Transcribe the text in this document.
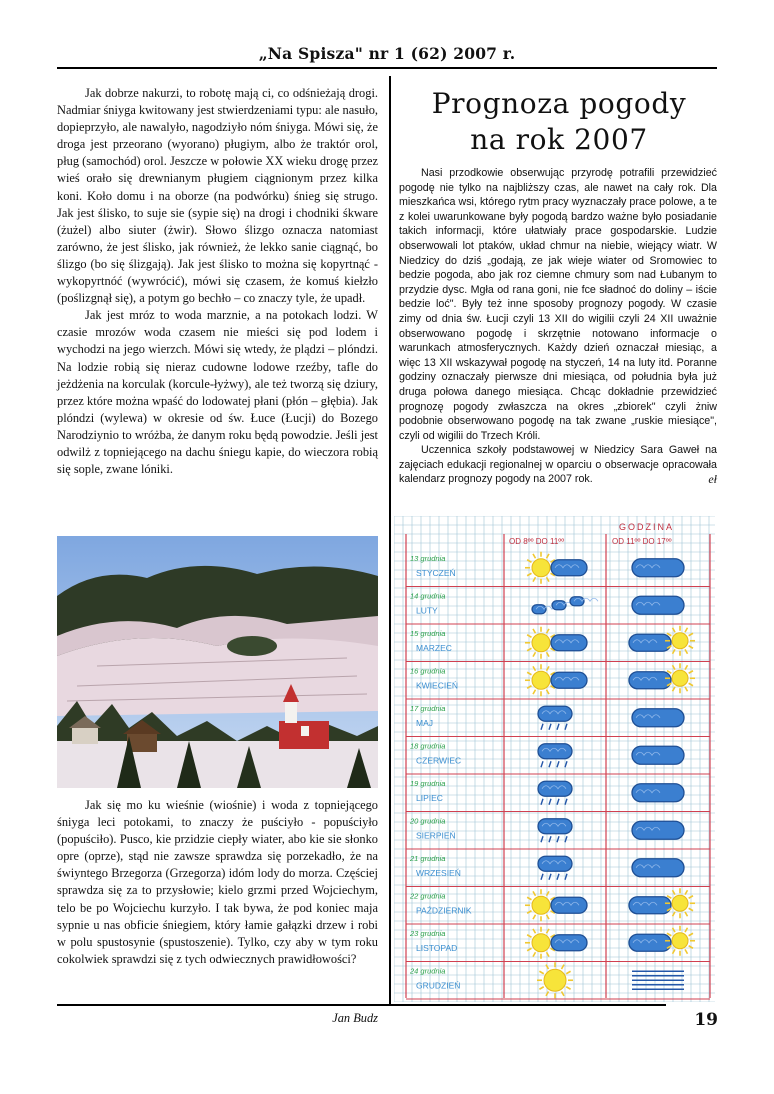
„Na Spisza" nr 1 (62) 2007 r.

Jak dobrze nakurzi, to robotę mają ci, co odśnieżają drogi. Nadmiar śniyga kwitowany jest stwierdzeniami typu: ale nasuło, dopieprzyło, ale nawalyło, nagodziyło nóm śniyga. Mówi się, że droga jest przeorano (wyorano) pługiym, albo że traktór orol, pług (samochód) orol. Jeszcze w połowie XX wieku drogę przez wieś orało się drewnianym pługiem ciągnionym przez kilka koni. Koło domu i na oborze (na podwórku) śnieg się strugo. Jak jest ślisko, to suje sie (sypie się) na drogi i chodniki śkware (żużel) albo siuter (żwir). Słowo ślizgo oznacza natomiast zarówno, że jest ślisko, jak również, że lekko sanie ciągnąć, bo ślizgo (bo się ślizgają). Jak jest ślisko to można się kopyrtnąć - wykopyrtnóć (wywrócić), mówi się czasem, że komuś kiełzło (poślizgnął się), a potym go bechło – co znaczy tyle, że upadł.

Jak jest mróz to woda marznie, a na potokach lodzi. W czasie mrozów woda czasem nie mieści się pod lodem i wychodzi na jego wierzch. Mówi się wtedy, że plądzi – plóndzi. Na lodzie robią się nieraz cudowne lodowe rzeźby, tafle do jeżdżenia na korculak (korcule-łyżwy), ale też tworzą się dziury, przez które można wpaść do lodowatej płani (płón – głębia). Jak plóndzi (wylewa) w okresie od św. Łuce (Łucji) do Bozego Narodziynio to wróżba, że danym roku będą powodzie. Jeśli jest odwilż z topniejącego na dachu śniegu kapie, do wieczora robią się sople, zwane lóniki.

Jak się mo ku wieśnie (wiośnie) i woda z topniejącego śniyga leci potokami, to znaczy że puściyło - popuściyło (popuściło). Pusco, kie przidzie ciepły wiater, abo kie sie słonko opre (oprze), stąd nie zawsze sprawdza się porzekadło, że na świyntego Brzegorza (Grzegorza) idóm lody do morza. Częściej sprawdza się za to przysłowie; kielo grzmi przed Wojciechym, telo be po Wojciechu kurzyło. I tak bywa, że pod koniec maja sypnie u nas obficie śniegiem, który łamie gałązki drzew i robi w polu spustosynie (spustoszenie). Tylko, czy aby w tym roku cokolwiek sprawdzi się z tych odwiecznych prawidłowości?

Jan Budz
Prognoza pogody
na rok 2007

Nasi przodkowie obserwując przyrodę potrafili przewidzieć pogodę nie tylko na najbliższy czas, ale nawet na cały rok. Dla mieszkańca wsi, którego rytm pracy wyznaczały prace polowe, a te z kolei uwarunkowane były pogodą bardzo ważne było posiadanie takich informacji, które ułatwiały prace gospodarskie. Ludzie obserwowali lot ptaków, układ chmur na niebie, wiejący wiatr. W Niedzicy do dziś „godają, ze jak wieje wiater od Sromowiec to bedzie pogoda, abo jak roz ciemne chmury som nad Łubanym to przydzie dysc. Mgła od rana goni, nie fce sładnoć do doliny – iście bedzie loć". Były też inne sposoby prognozy pogody. W czasie zimy od dnia św. Łucji czyli 13 XII do wigilii czyli 24 XII uważnie obserwowano pogodę i skrzętnie notowano informacje o warunkach atmosferycznych. Każdy dzień oznaczał miesiąc, a więc 13 XII wskazywał pogodę na styczeń, 14 na luty itd. Poranne godziny oznaczały pierwsze dni miesiąca, od południa była już druga połowa danego miesiąca. Chcąc dokładnie przewidzieć prognozę pogody zwłaszcza na okres „zbiorek" czyli żniw podobnie obserwowano pogodę na tak zwane „ruskie miesiące", czyli od wigilii do Trzech Króli.

Uczennica szkoły podstawowej w Niedzicy Sara Gaweł na zajęciach edukacji regionalnej w oparciu o obserwacje opracowała kalendarz prognozy pogody na 2007 rok.	eł

GODZINA
OD 8ºº DO 11ºº	OD 11ºº DO 17ºº
13 grudnia
STYCZEŃ
14 grudnia
LUTY
15 grudnia
MARZEC
16 grudnia
KWIECIEŃ
17 grudnia
MAJ
18 grudnia
CZERWIEC
19 grudnia
LIPIEC
20 grudnia
SIERPIEŃ
21 grudnia
WRZESIEŃ
22 grudnia
PAŹDZIERNIK
23 grudnia
LISTOPAD
24 grudnia
GRUDZIEŃ
19
